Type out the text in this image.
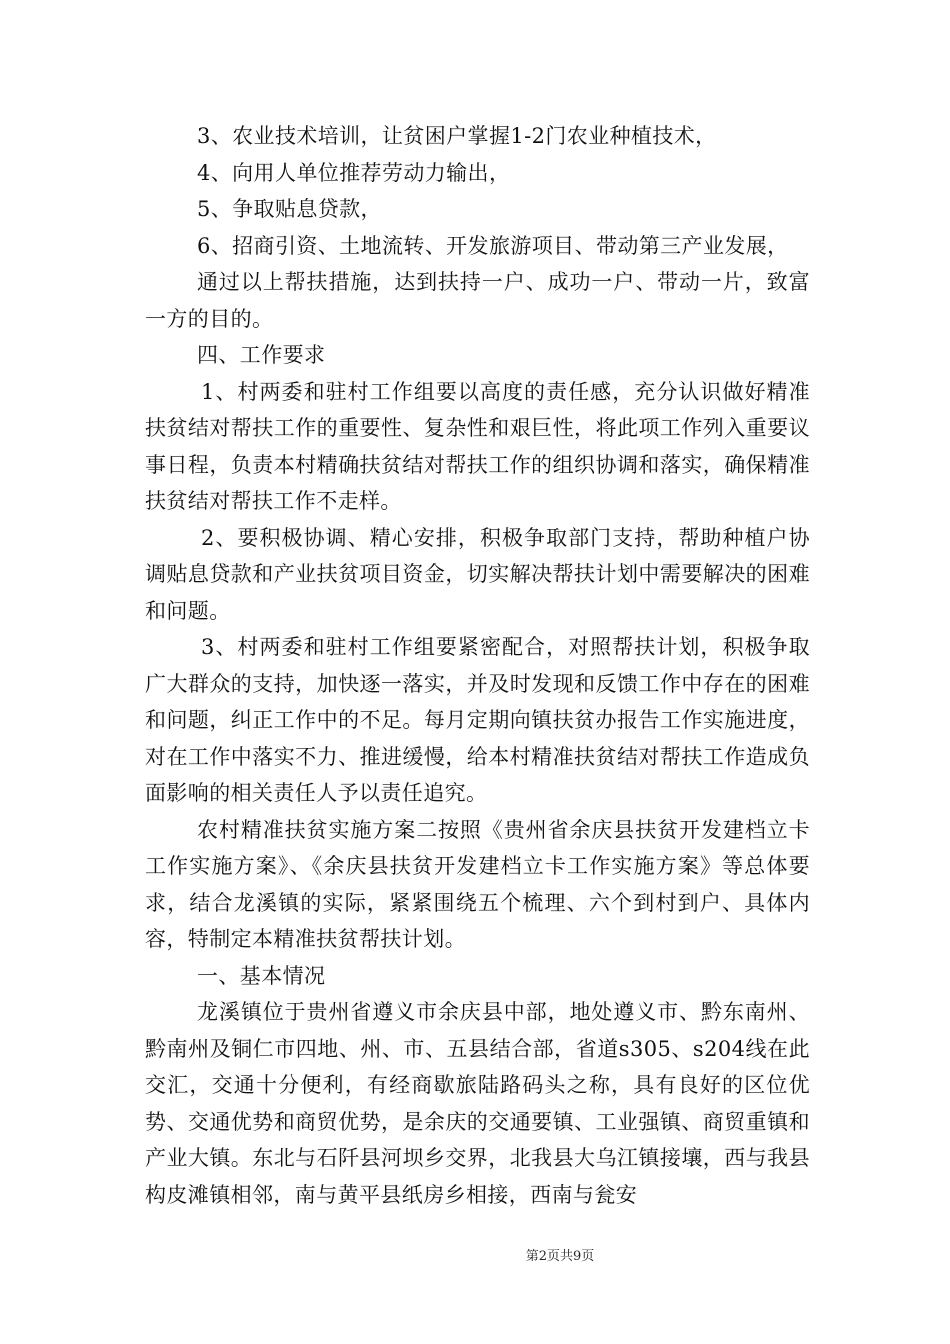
3、农业技术培训，让贫困户掌握1-2门农业种植技术，

4、向用人单位推荐劳动力输出，

5、争取贴息贷款，

6、招商引资、土地流转、开发旅游项目、带动第三产业发展，

通过以上帮扶措施，达到扶持一户、成功一户、带动一片，致富一方的目的。

四、工作要求

1、村两委和驻村工作组要以高度的责任感，充分认识做好精准扶贫结对帮扶工作的重要性、复杂性和艰巨性，将此项工作列入重要议事日程，负责本村精确扶贫结对帮扶工作的组织协调和落实，确保精准扶贫结对帮扶工作不走样。

2、要积极协调、精心安排，积极争取部门支持，帮助种植户协调贴息贷款和产业扶贫项目资金，切实解决帮扶计划中需要解决的困难和问题。

3、村两委和驻村工作组要紧密配合，对照帮扶计划，积极争取广大群众的支持，加快逐一落实，并及时发现和反馈工作中存在的困难和问题，纠正工作中的不足。每月定期向镇扶贫办报告工作实施进度，对在工作中落实不力、推进缓慢，给本村精准扶贫结对帮扶工作造成负面影响的相关责任人予以责任追究。

农村精准扶贫实施方案二按照《贵州省余庆县扶贫开发建档立卡工作实施方案》、《余庆县扶贫开发建档立卡工作实施方案》等总体要求，结合龙溪镇的实际，紧紧围绕五个梳理、六个到村到户、具体内容，特制定本精准扶贫帮扶计划。

一、基本情况

龙溪镇位于贵州省遵义市余庆县中部，地处遵义市、黔东南州、黔南州及铜仁市四地、州、市、五县结合部，省道s305、s204线在此交汇，交通十分便利，有经商歇旅陆路码头之称，具有良好的区位优势、交通优势和商贸优势，是余庆的交通要镇、工业强镇、商贸重镇和产业大镇。东北与石阡县河坝乡交界，北我县大乌江镇接壤，西与我县构皮滩镇相邻，南与黄平县纸房乡相接，西南与瓮安

第2页共9页
